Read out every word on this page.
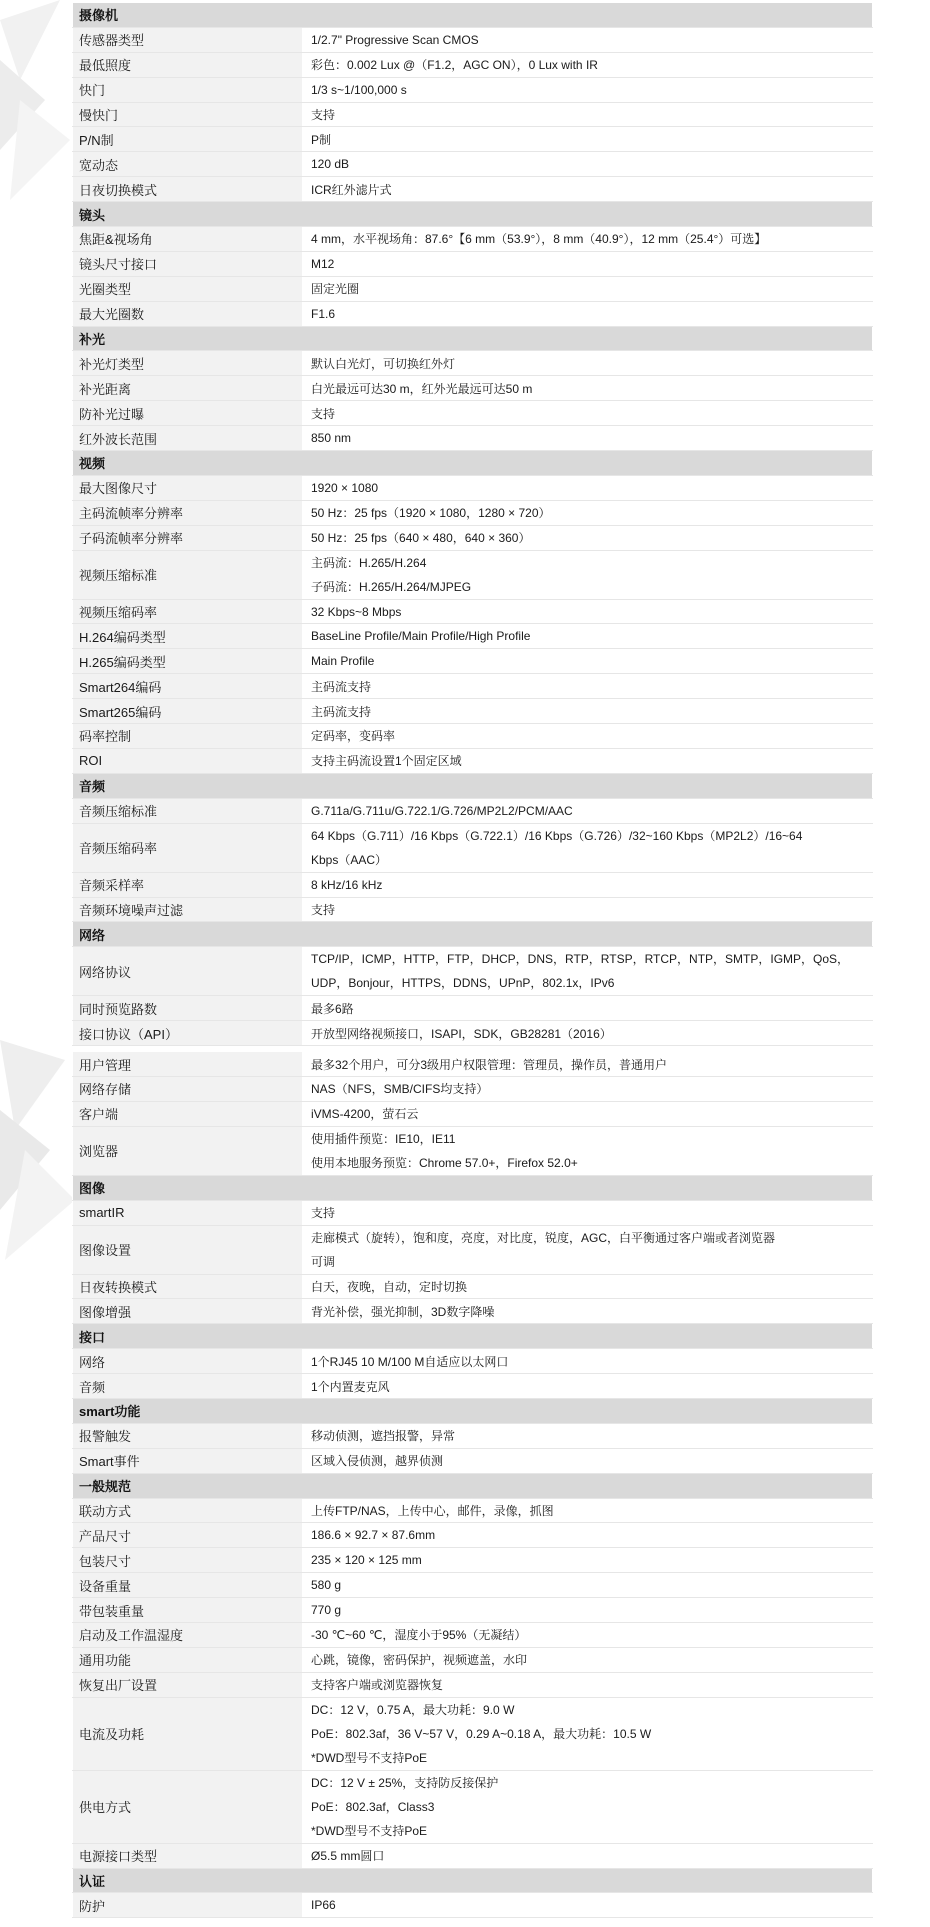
摄像机	
传感器类型	1/2.7" Progressive Scan CMOS

最低照度	彩色：0.002 Lux @（F1.2，AGC ON），0 Lux with IR

快门	1/3 s~1/100,000 s

慢快门	支持

P/N制	P制

宽动态	120 dB

日夜切换模式	ICR红外滤片式

镜头	
焦距&视场角	4 mm，水平视场角：87.6°【6 mm（53.9°），8 mm（40.9°），12 mm（25.4°）可选】

镜头尺寸接口	M12

光圈类型	固定光圈

最大光圈数	F1.6

补光	
补光灯类型	默认白光灯，可切换红外灯

补光距离	白光最远可达30 m，红外光最远可达50 m

防补光过曝	支持

红外波长范围	850 nm

视频	
最大图像尺寸	1920 × 1080

主码流帧率分辨率	50 Hz：25 fps（1920 × 1080，1280 × 720）

子码流帧率分辨率	50 Hz：25 fps（640 × 480，640 × 360）

视频压缩标准	主码流：H.265/H.264
子码流：H.265/H.264/MJPEG

视频压缩码率	32 Kbps~8 Mbps

H.264编码类型	BaseLine Profile/Main Profile/High Profile

H.265编码类型	Main Profile

Smart264编码	主码流支持

Smart265编码	主码流支持

码率控制	定码率，变码率

ROI	支持主码流设置1个固定区域

音频	
音频压缩标准	G.711a/G.711u/G.722.1/G.726/MP2L2/PCM/AAC

音频压缩码率	64 Kbps（G.711）/16 Kbps（G.722.1）/16 Kbps（G.726）/32~160 Kbps（MP2L2）/16~64
Kbps（AAC）

音频采样率	8 kHz/16 kHz

音频环境噪声过滤	支持

网络	
网络协议	TCP/IP，ICMP，HTTP，FTP，DHCP，DNS，RTP，RTSP，RTCP，NTP，SMTP，IGMP，QoS，
UDP，Bonjour，HTTPS，DDNS，UPnP，802.1x，IPv6

同时预览路数	最多6路

接口协议（API）	开放型网络视频接口，ISAPI，SDK，GB28281（2016）

用户管理	最多32个用户，可分3级用户权限管理：管理员，操作员，普通用户

网络存储	NAS（NFS，SMB/CIFS均支持）

客户端	iVMS-4200，萤石云

浏览器	使用插件预览：IE10，IE11
使用本地服务预览：Chrome 57.0+，Firefox 52.0+

图像	
smartIR	支持

图像设置	走廊模式（旋转），饱和度，亮度，对比度，锐度，AGC，白平衡通过客户端或者浏览器
可调

日夜转换模式	白天，夜晚，自动，定时切换

图像增强	背光补偿，强光抑制，3D数字降噪

接口	
网络	1个RJ45 10 M/100 M自适应以太网口

音频	1个内置麦克风

smart功能	
报警触发	移动侦测，遮挡报警，异常

Smart事件	区域入侵侦测，越界侦测

一般规范	
联动方式	上传FTP/NAS，上传中心，邮件，录像，抓图

产品尺寸	186.6 × 92.7 × 87.6mm

包装尺寸	235 × 120 × 125 mm

设备重量	580 g

带包装重量	770 g

启动及工作温湿度	-30 ℃~60 ℃，湿度小于95%（无凝结）

通用功能	心跳，镜像，密码保护，视频遮盖，水印

恢复出厂设置	支持客户端或浏览器恢复

电流及功耗	DC：12 V，0.75 A，最大功耗：9.0 W
PoE：802.3af，36 V~57 V，0.29 A~0.18 A，最大功耗：10.5 W
*DWD型号不支持PoE

供电方式	DC：12 V ± 25%，支持防反接保护
PoE：802.3af，Class3
*DWD型号不支持PoE

电源接口类型	Ø5.5 mm圆口

认证	
防护	IP66
